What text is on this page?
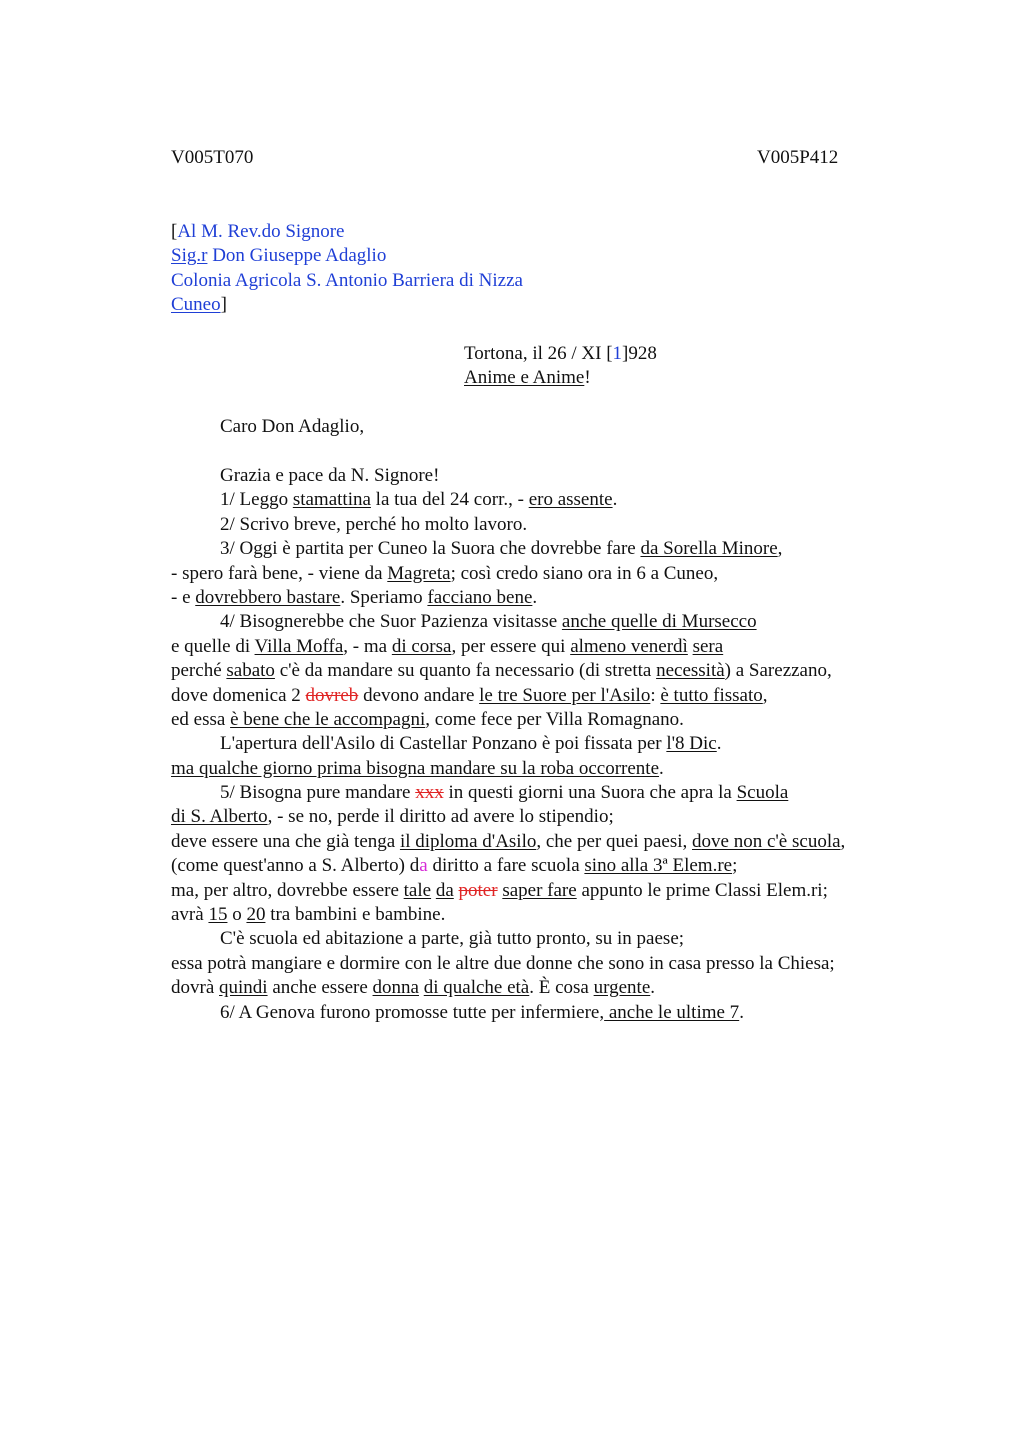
V005T070	V005P412
[Al M. Rev.do Signore
Sig.r Don Giuseppe Adaglio
Colonia Agricola S. Antonio Barriera di Nizza
Cuneo]
Tortona, il 26 / XI [1]928
Anime e Anime!
Caro Don Adaglio,
Grazia e pace da N. Signore!
1/ Leggo stamattina la tua del 24 corr., - ero assente.
2/ Scrivo breve, perché ho molto lavoro.
3/ Oggi è partita per Cuneo la Suora che dovrebbe fare da Sorella Minore,
- spero farà bene, - viene da Magreta; così credo siano ora in 6 a Cuneo,
- e dovrebbero bastare. Speriamo facciano bene.
4/ Bisognerebbe che Suor Pazienza visitasse anche quelle di Mursecco
e quelle di Villa Moffa, - ma di corsa, per essere qui almeno venerdì sera
perché sabato c'è da mandare su quanto fa necessario (di stretta necessità) a Sarezzano,
dove domenica 2 dovreb devono andare le tre Suore per l'Asilo: è tutto fissato,
ed essa è bene che le accompagni, come fece per Villa Romagnano.
L'apertura dell'Asilo di Castellar Ponzano è poi fissata per l'8 Dic.
ma qualche giorno prima bisogna mandare su la roba occorrente.
5/ Bisogna pure mandare xxx in questi giorni una Suora che apra la Scuola
di S. Alberto, - se no, perde il diritto ad avere lo stipendio;
deve essere una che già tenga il diploma d'Asilo, che per quei paesi, dove non c'è scuola,
(come quest'anno a S. Alberto) da diritto a fare scuola sino alla 3ª Elem.re;
ma, per altro, dovrebbe essere tale da poter saper fare appunto le prime Classi Elem.ri;
avrà 15 o 20 tra bambini e bambine.
C'è scuola ed abitazione a parte, già tutto pronto, su in paese;
essa potrà mangiare e dormire con le altre due donne che sono in casa presso la Chiesa;
dovrà quindi anche essere donna di qualche età. È cosa urgente.
6/ A Genova furono promosse tutte per infermiere, anche le ultime 7.
